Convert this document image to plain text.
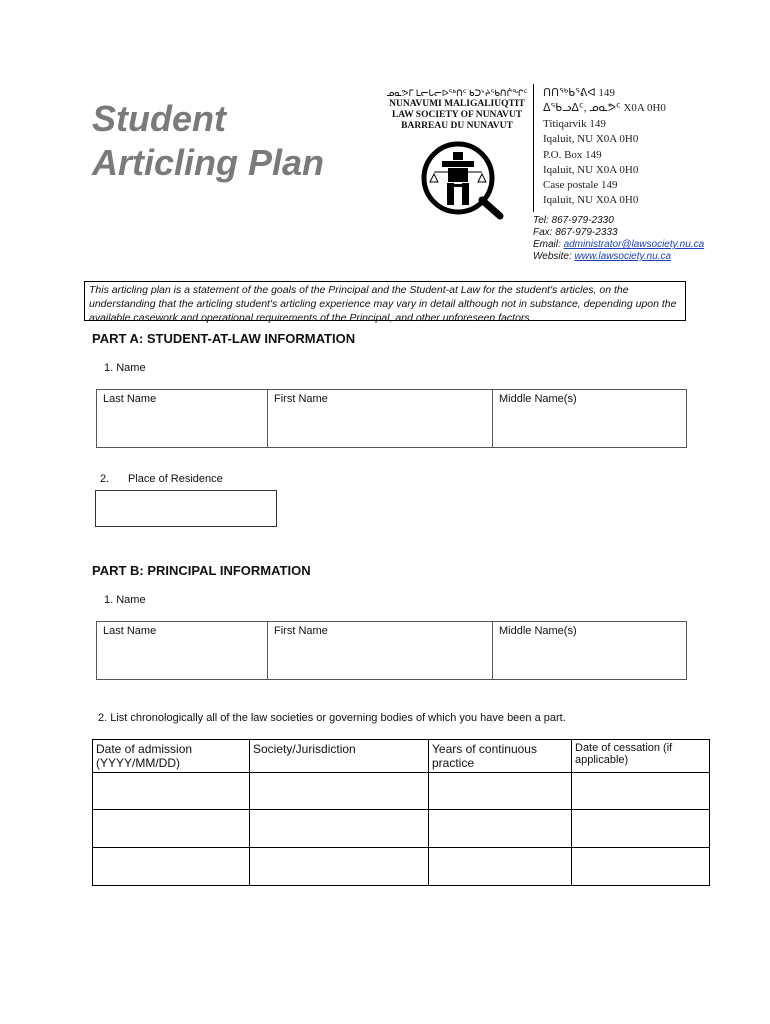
Student
Articling Plan
ᓄᓇᕗᒥ ᒪᓕᒐᓕᐅᖅᑎᑦ ᑲᑐᔾᔨᖃᑎᒌᖏᑦ
NUNAVUMI MALIGALIUQTIT
LAW SOCIETY OF NUNAVUT
BARREAU DU NUNAVUT
ᑎᑎᖅᑲᕐᕕᐊ 149
ᐃᖃᓗᐃᑦ, ᓄᓇᕗᑦ X0A 0H0
Titiqarvik 149
Iqaluit, NU X0A 0H0
P.O. Box 149
Iqaluit, NU X0A 0H0
Case postale 149
Iqaluit, NU X0A 0H0
Tel: 867-979-2330
Fax: 867-979-2333
Email: administrator@lawsociety.nu.ca
Website: www.lawsociety.nu.ca
This articling plan is a statement of the goals of the Principal and the Student-at Law for the student's articles, on the understanding that the articling student's articling experience may vary in detail although not in substance, depending upon the available casework and operational requirements of the Principal, and other unforeseen factors.
PART A: STUDENT-AT-LAW INFORMATION
1. Name
Last Name	First Name	Middle Name(s)
2. Place of Residence
PART B: PRINCIPAL INFORMATION
1. Name
Last Name	First Name	Middle Name(s)
2. List chronologically all of the law societies or governing bodies of which you have been a part.
Date of admission (YYYY/MM/DD)	Society/Jurisdiction	Years of continuous practice	Date of cessation (if applicable)
